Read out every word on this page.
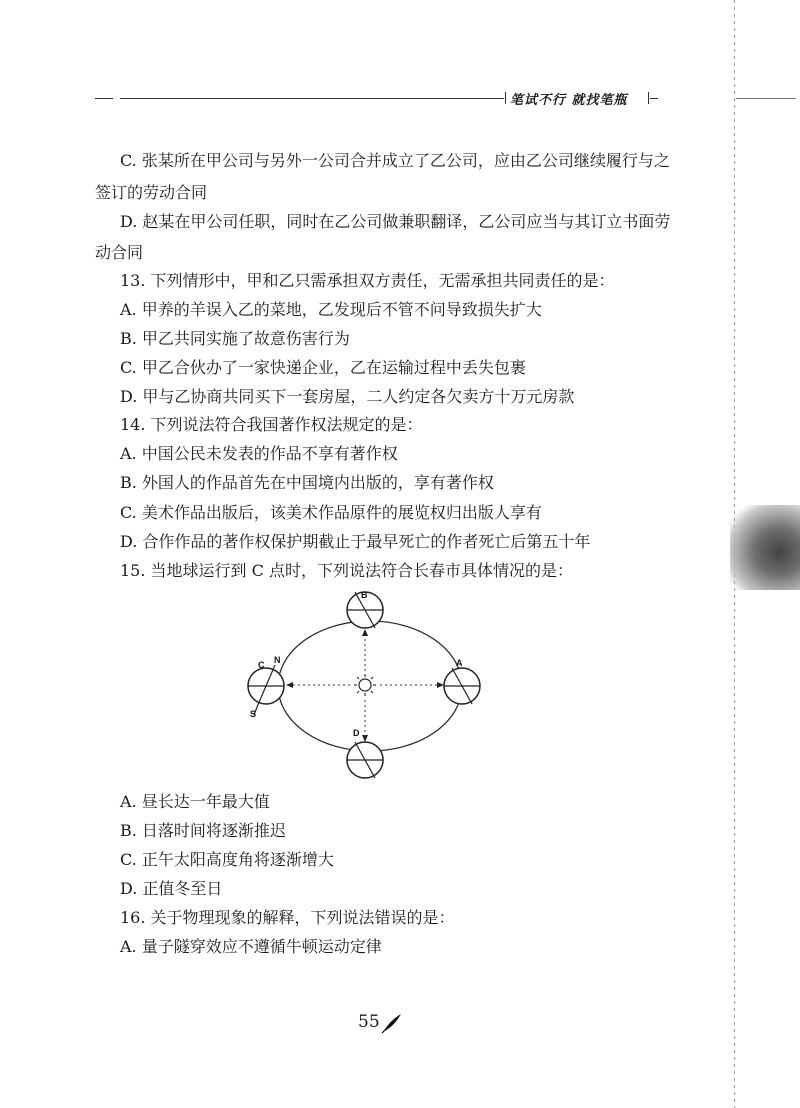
笔试不行 就找笔瓶
C. 张某所在甲公司与另外一公司合并成立了乙公司，应由乙公司继续履行与之
签订的劳动合同
D. 赵某在甲公司任职，同时在乙公司做兼职翻译，乙公司应当与其订立书面劳
动合同
13. 下列情形中，甲和乙只需承担双方责任，无需承担共同责任的是：
A. 甲养的羊误入乙的菜地，乙发现后不管不问导致损失扩大
B. 甲乙共同实施了故意伤害行为
C. 甲乙合伙办了一家快递企业，乙在运输过程中丢失包裹
D. 甲与乙协商共同买下一套房屋，二人约定各欠卖方十万元房款
14. 下列说法符合我国著作权法规定的是：
A. 中国公民未发表的作品不享有著作权
B. 外国人的作品首先在中国境内出版的，享有著作权
C. 美术作品出版后，该美术作品原件的展览权归出版人享有
D. 合作作品的著作权保护期截止于最早死亡的作者死亡后第五十年
15. 当地球运行到 C 点时，下列说法符合长春市具体情况的是：
B
D
C N
S
A
A. 昼长达一年最大值
B. 日落时间将逐渐推迟
C. 正午太阳高度角将逐渐增大
D. 正值冬至日
16. 关于物理现象的解释，下列说法错误的是：
A. 量子隧穿效应不遵循牛顿运动定律
55
